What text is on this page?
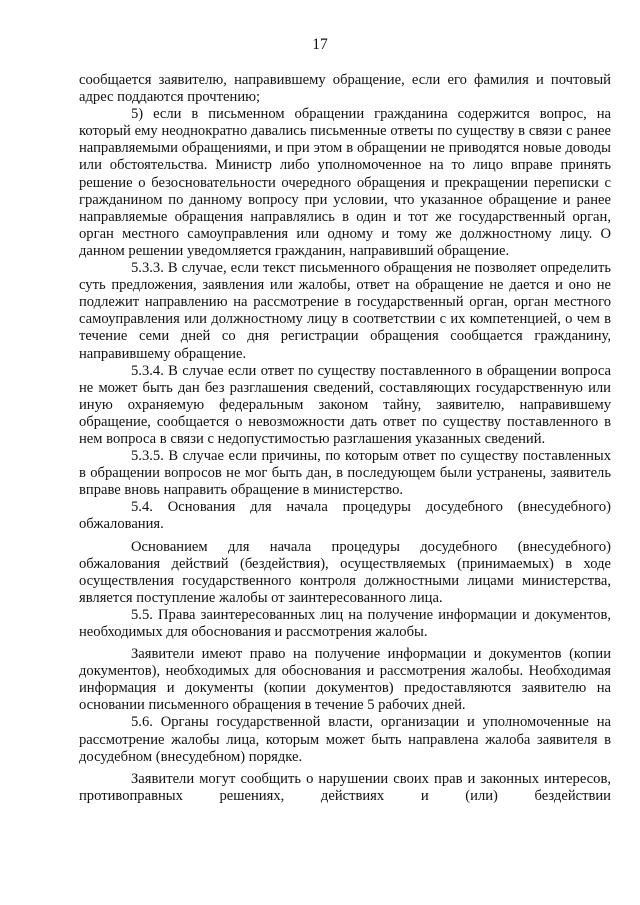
17

сообщается заявителю, направившему обращение, если его фамилия и почтовый адрес поддаются прочтению;

5) если в письменном обращении гражданина содержится вопрос, на который ему неоднократно давались письменные ответы по существу в связи с ранее направляемыми обращениями, и при этом в обращении не приводятся новые доводы или обстоятельства. Министр либо уполномоченное на то лицо вправе принять решение о безосновательности очередного обращения и прекращении переписки с гражданином по данному вопросу при условии, что указанное обращение и ранее направляемые обращения направлялись в один и тот же государственный орган, орган местного самоуправления или одному и тому же должностному лицу. О данном решении уведомляется гражданин, направивший обращение.

5.3.3. В случае, если текст письменного обращения не позволяет определить суть предложения, заявления или жалобы, ответ на обращение не дается и оно не подлежит направлению на рассмотрение в государственный орган, орган местного самоуправления или должностному лицу в соответствии с их компетенцией, о чем в течение семи дней со дня регистрации обращения сообщается гражданину, направившему обращение.

5.3.4. В случае если ответ по существу поставленного в обращении вопроса не может быть дан без разглашения сведений, составляющих государственную или иную охраняемую федеральным законом тайну, заявителю, направившему обращение, сообщается о невозможности дать ответ по существу поставленного в нем вопроса в связи с недопустимостью разглашения указанных сведений.

5.3.5. В случае если причины, по которым ответ по существу поставленных в обращении вопросов не мог быть дан, в последующем были устранены, заявитель вправе вновь направить обращение в министерство.

5.4. Основания для начала процедуры досудебного (внесудебного) обжалования.

Основанием для начала процедуры досудебного (внесудебного) обжалования действий (бездействия), осуществляемых (принимаемых) в ходе осуществления государственного контроля должностными лицами министерства, является поступление жалобы от заинтересованного лица.

5.5. Права заинтересованных лиц на получение информации и документов, необходимых для обоснования и рассмотрения жалобы.

Заявители имеют право на получение информации и документов (копии документов), необходимых для обоснования и рассмотрения жалобы. Необходимая информация и документы (копии документов) предоставляются заявителю на основании письменного обращения в течение 5 рабочих дней.

5.6. Органы государственной власти, организации и уполномоченные на рассмотрение жалобы лица, которым может быть направлена жалоба заявителя в досудебном (внесудебном) порядке.

Заявители могут сообщить о нарушении своих прав и законных интересов, противоправных решениях, действиях и (или) бездействии
